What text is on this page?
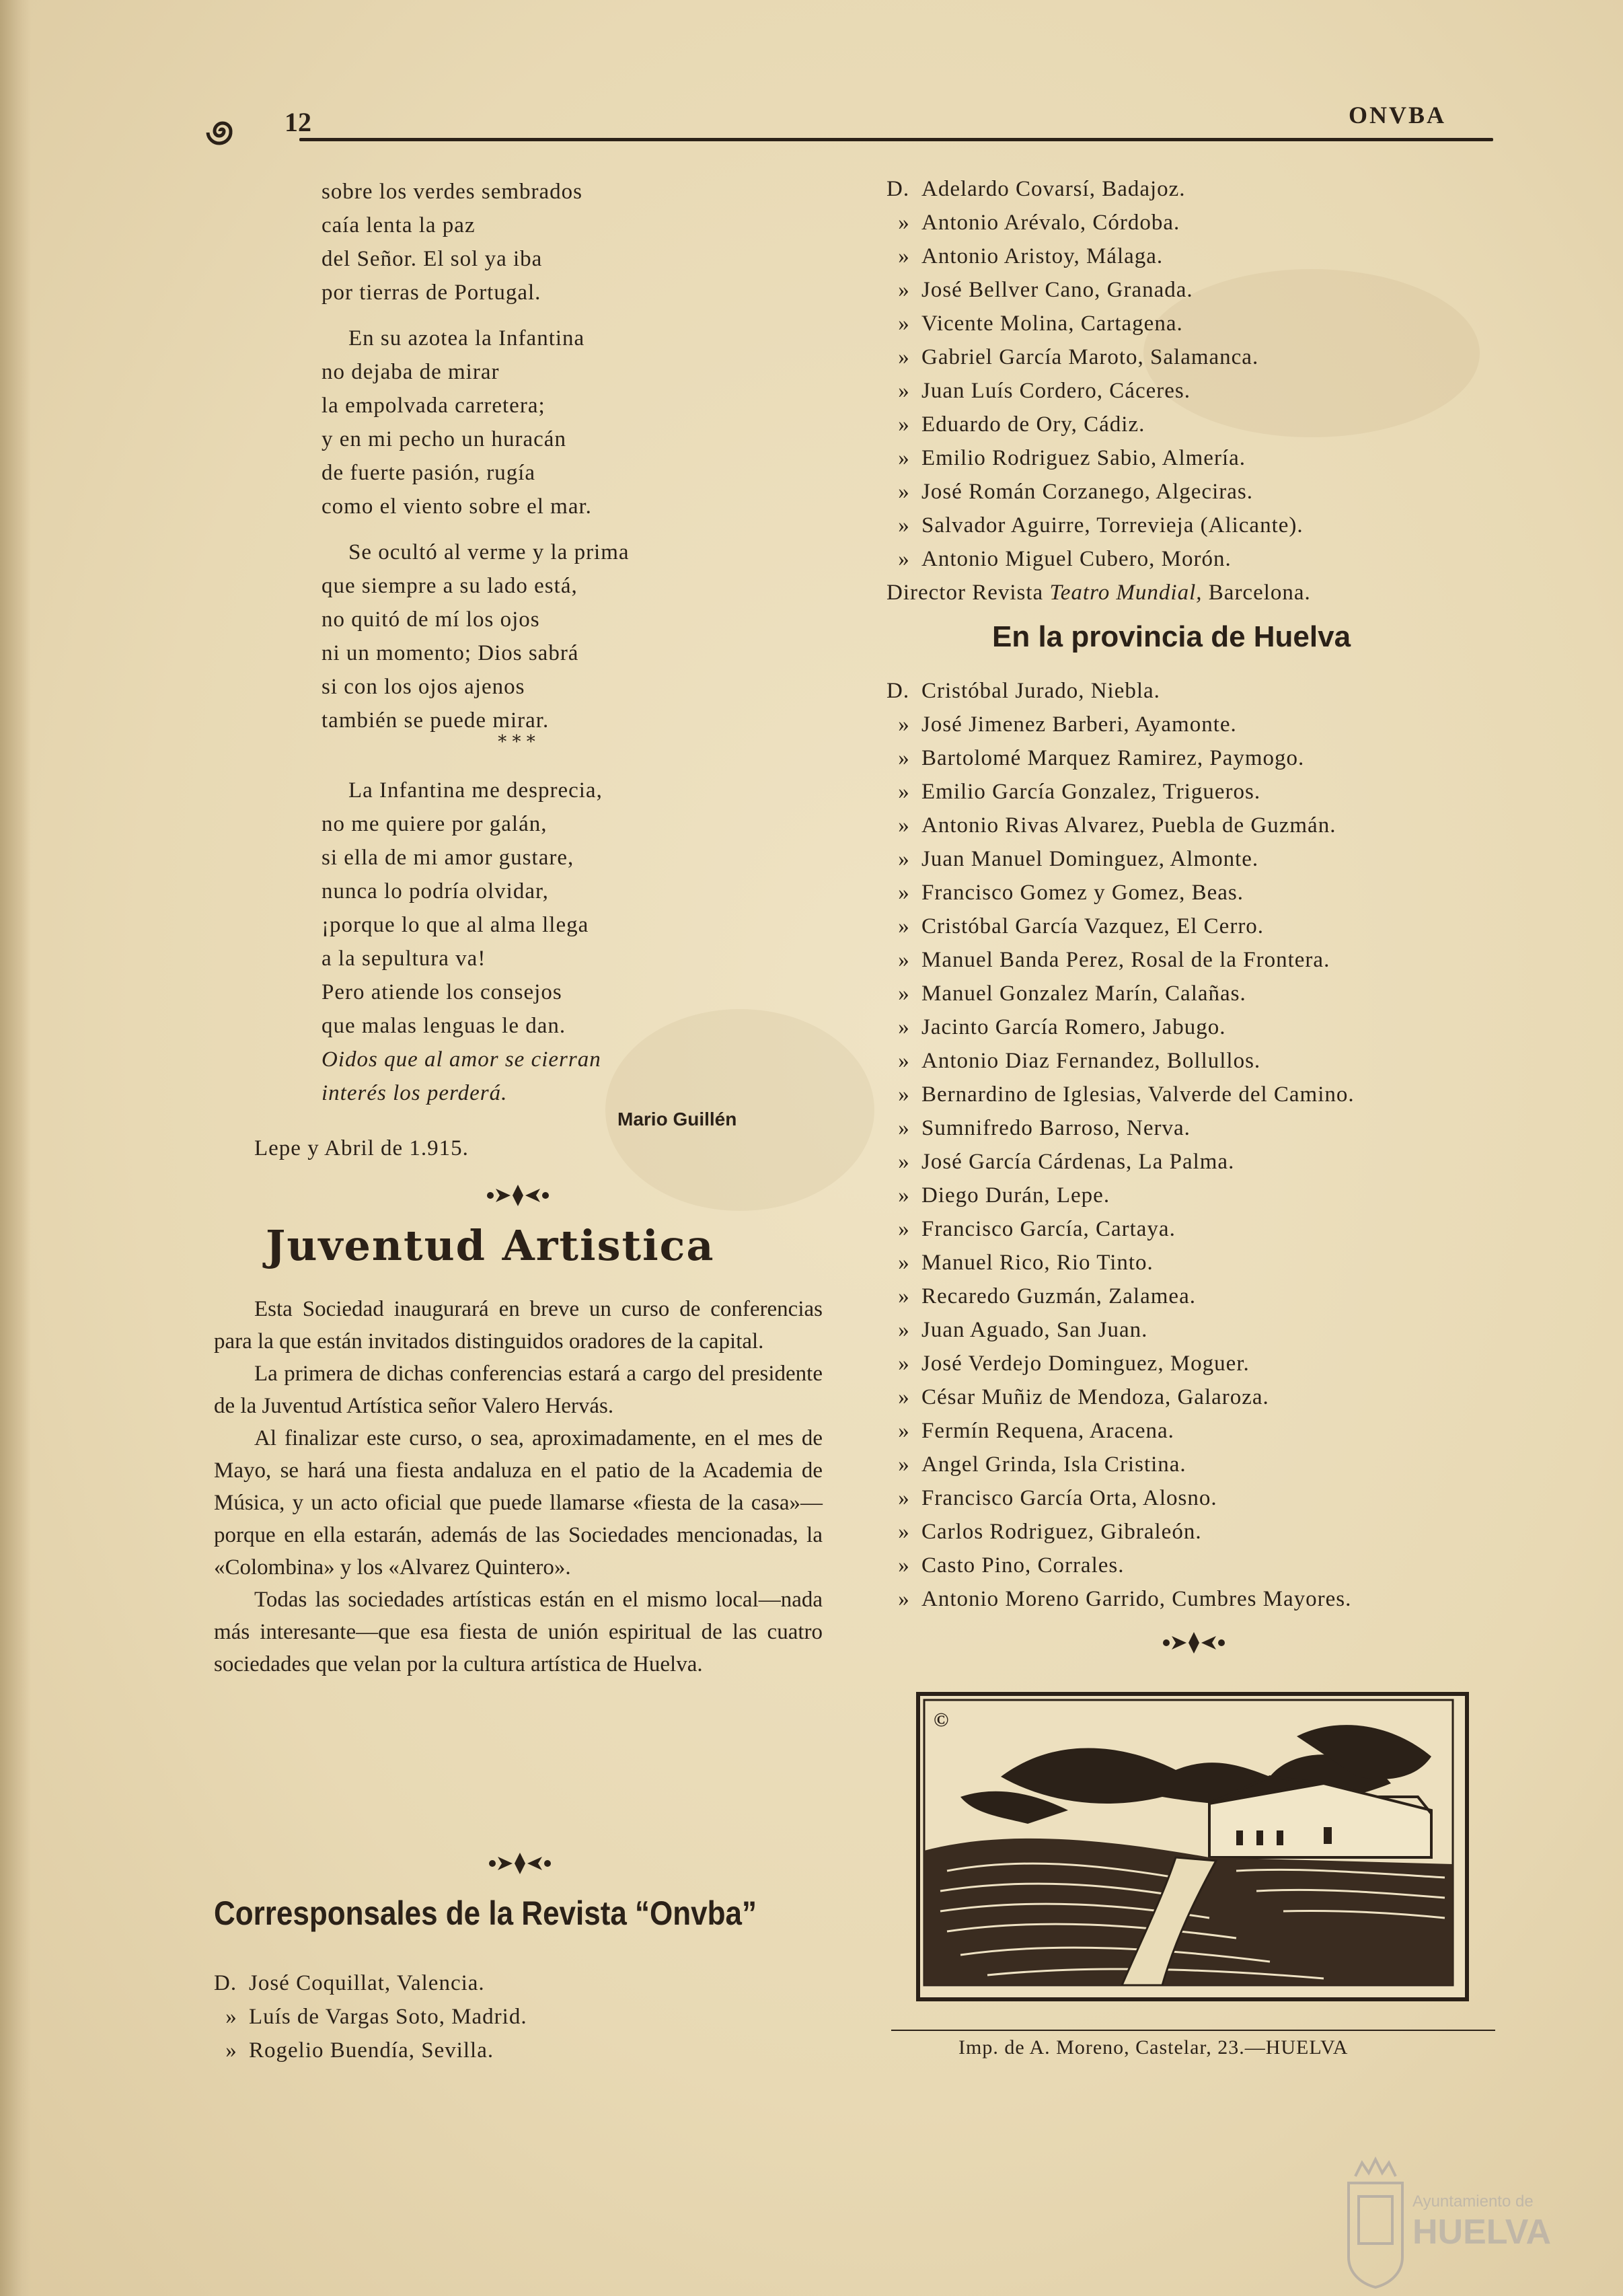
12	ONVBA
sobre los verdes sembrados
caía lenta la paz
del Señor. El sol ya iba
por tierras de Portugal.
En su azotea la Infantina
no dejaba de mirar
la empolvada carretera;
y en mi pecho un huracán
de fuerte pasión, rugía
como el viento sobre el mar.
Se ocultó al verme y la prima
que siempre a su lado está,
no quitó de mí los ojos
ni un momento; Dios sabrá
si con los ojos ajenos
también se puede mirar.
* * *
La Infantina me desprecia,
no me quiere por galán,
si ella de mi amor gustare,
nunca lo podría olvidar,
¡porque lo que al alma llega
a la sepultura va!
Pero atiende los consejos
que malas lenguas le dan.
Oidos que al amor se cierran
interés los perderá.
Mario Guillén
Lepe y Abril de 1.915.
Juventud Artistica

Esta Sociedad inaugurará en breve un curso de conferencias para la que están invitados distinguidos oradores de la capital.

La primera de dichas conferencias estará a cargo del presidente de la Juventud Artística señor Valero Hervás.

Al finalizar este curso, o sea, aproximadamente, en el mes de Mayo, se hará una fiesta andaluza en el patio de la Academia de Música, y un acto oficial que puede llamarse «fiesta de la casa»—porque en ella estarán, además de las Sociedades mencionadas, la «Colombina» y los «Alvarez Quintero».

Todas las sociedades artísticas están en el mismo local—nada más interesante—que esa fiesta de unión espiritual de las cuatro sociedades que velan por la cultura artística de Huelva.

Corresponsales de la Revista “Onvba”
D. José Coquillat, Valencia.
» Luís de Vargas Soto, Madrid.
» Rogelio Buendía, Sevilla.
D. Adelardo Covarsí, Badajoz.
» Antonio Arévalo, Córdoba.
» Antonio Aristoy, Málaga.
» José Bellver Cano, Granada.
» Vicente Molina, Cartagena.
» Gabriel García Maroto, Salamanca.
» Juan Luís Cordero, Cáceres.
» Eduardo de Ory, Cádiz.
» Emilio Rodriguez Sabio, Almería.
» José Román Corzanego, Algeciras.
» Salvador Aguirre, Torrevieja (Alicante).
» Antonio Miguel Cubero, Morón.
Director Revista
Teatro Mundial,
Barcelona.
En la provincia de Huelva
D. Cristóbal Jurado, Niebla.
» José Jimenez Barberi, Ayamonte.
» Bartolomé Marquez Ramirez, Paymogo.
» Emilio García Gonzalez, Trigueros.
» Antonio Rivas Alvarez, Puebla de Guzmán.
» Juan Manuel Dominguez, Almonte.
» Francisco Gomez y Gomez, Beas.
» Cristóbal García Vazquez, El Cerro.
» Manuel Banda Perez, Rosal de la Frontera.
» Manuel Gonzalez Marín, Calañas.
» Jacinto García Romero, Jabugo.
» Antonio Diaz Fernandez, Bollullos.
» Bernardino de Iglesias, Valverde del Camino.
» Sumnifredo Barroso, Nerva.
» José García Cárdenas, La Palma.
» Diego Durán, Lepe.
» Francisco García, Cartaya.
» Manuel Rico, Rio Tinto.
» Recaredo Guzmán, Zalamea.
» Juan Aguado, San Juan.
» José Verdejo Dominguez, Moguer.
» César Muñiz de Mendoza, Galaroza.
» Fermín Requena, Aracena.
» Angel Grinda, Isla Cristina.
» Francisco García Orta, Alosno.
» Carlos Rodriguez, Gibraleón.
» Casto Pino, Corrales.
» Antonio Moreno Garrido, Cumbres Mayores.
©
Imp. de A. Moreno, Castelar, 23.—HUELVA
Ayuntamiento de
HUELVA
